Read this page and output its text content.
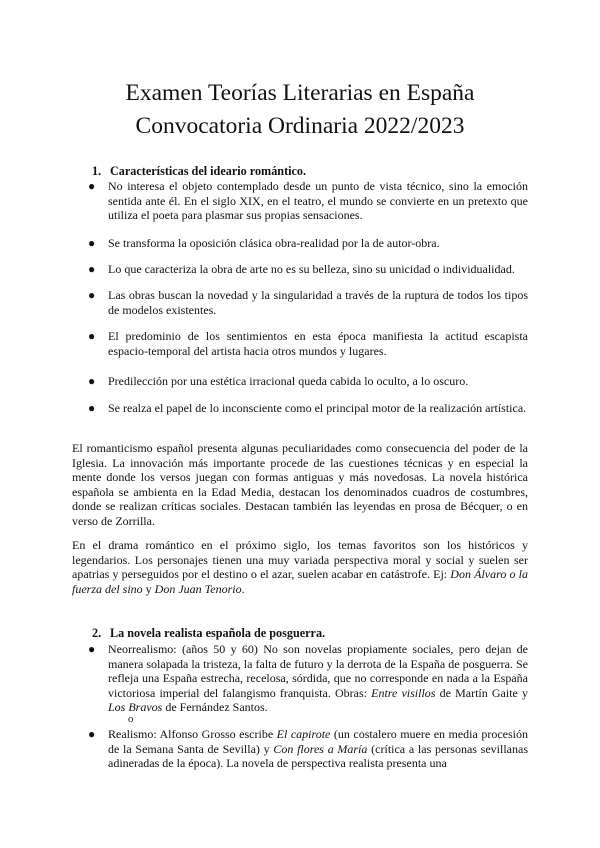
Examen Teorías Literarias en España
Convocatoria Ordinaria 2022/2023
1. Características del ideario romántico.
● No interesa el objeto contemplado desde un punto de vista técnico, sino la emoción sentida ante él. En el siglo XIX, en el teatro, el mundo se convierte en un pretexto que utiliza el poeta para plasmar sus propias sensaciones.
● Se transforma la oposición clásica obra-realidad por la de autor-obra.
● Lo que caracteriza la obra de arte no es su belleza, sino su unicidad o individualidad.
● Las obras buscan la novedad y la singularidad a través de la ruptura de todos los tipos de modelos existentes.
● El predominio de los sentimientos en esta época manifiesta la actitud escapista espacio-temporal del artista hacia otros mundos y lugares.
● Predilección por una estética irracional queda cabida lo oculto, a lo oscuro.
● Se realza el papel de lo inconsciente como el principal motor de la realización artística.

El romanticismo español presenta algunas peculiaridades como consecuencia del poder de la Iglesia. La innovación más importante procede de las cuestiones técnicas y en especial la mente donde los versos juegan con formas antiguas y más novedosas. La novela histórica española se ambienta en la Edad Media, destacan los denominados cuadros de costumbres, donde se realizan críticas sociales. Destacan también las leyendas en prosa de Bécquer, o en verso de Zorrilla.

En el drama romántico en el próximo siglo, los temas favoritos son los históricos y legendarios. Los personajes tienen una muy variada perspectiva moral y social y suelen ser apatrias y perseguidos por el destino o el azar, suelen acabar en catástrofe. Ej: Don Álvaro o la fuerza del sino y Don Juan Tenorio.

2. La novela realista española de posguerra.
● Neorrealismo: (años 50 y 60) No son novelas propiamente sociales, pero dejan de manera solapada la tristeza, la falta de futuro y la derrota de la España de posguerra. Se refleja una España estrecha, recelosa, sórdida, que no corresponde en nada a la España victoriosa imperial del falangismo franquista. Obras: Entre visillos de Martín Gaite y Los Bravos de Fernández Santos.
o
● Realismo: Alfonso Grosso escribe El capirote (un costalero muere en media procesión de la Semana Santa de Sevilla) y Con flores a María (crítica a las personas sevillanas adineradas de la época). La novela de perspectiva realista presenta una
